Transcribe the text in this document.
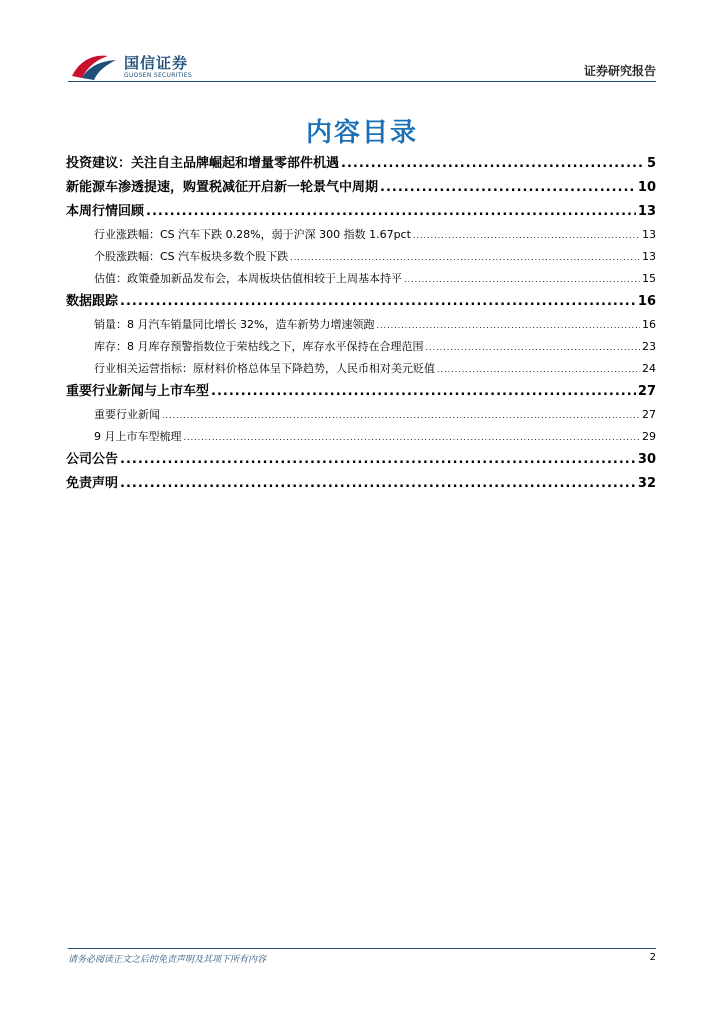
国信证券
GUOSEN SECURITIES	证券研究报告
内容目录
投资建议：关注自主品牌崛起和增量零部件机遇 .....	5
新能源车渗透提速，购置税减征开启新一轮景气中周期 .....	10
本周行情回顾 .....	13
行业涨跌幅：CS 汽车下跌 0.28%，弱于沪深 300 指数 1.67pct .....	13
个股涨跌幅：CS 汽车板块多数个股下跌 .....	13
估值：政策叠加新品发布会，本周板块估值相较于上周基本持平 .....	15
数据跟踪 .....	16
销量：8 月汽车销量同比增长 32%，造车新势力增速领跑 .....	16
库存：8 月库存预警指数位于荣枯线之下，库存水平保持在合理范围 .....	23
行业相关运营指标：原材料价格总体呈下降趋势，人民币相对美元贬值 .....	24
重要行业新闻与上市车型 .....	27
重要行业新闻 .....	27
9 月上市车型梳理 .....	29
公司公告 .....	30
免责声明 .....	32
请务必阅读正文之后的免责声明及其项下所有内容	2
